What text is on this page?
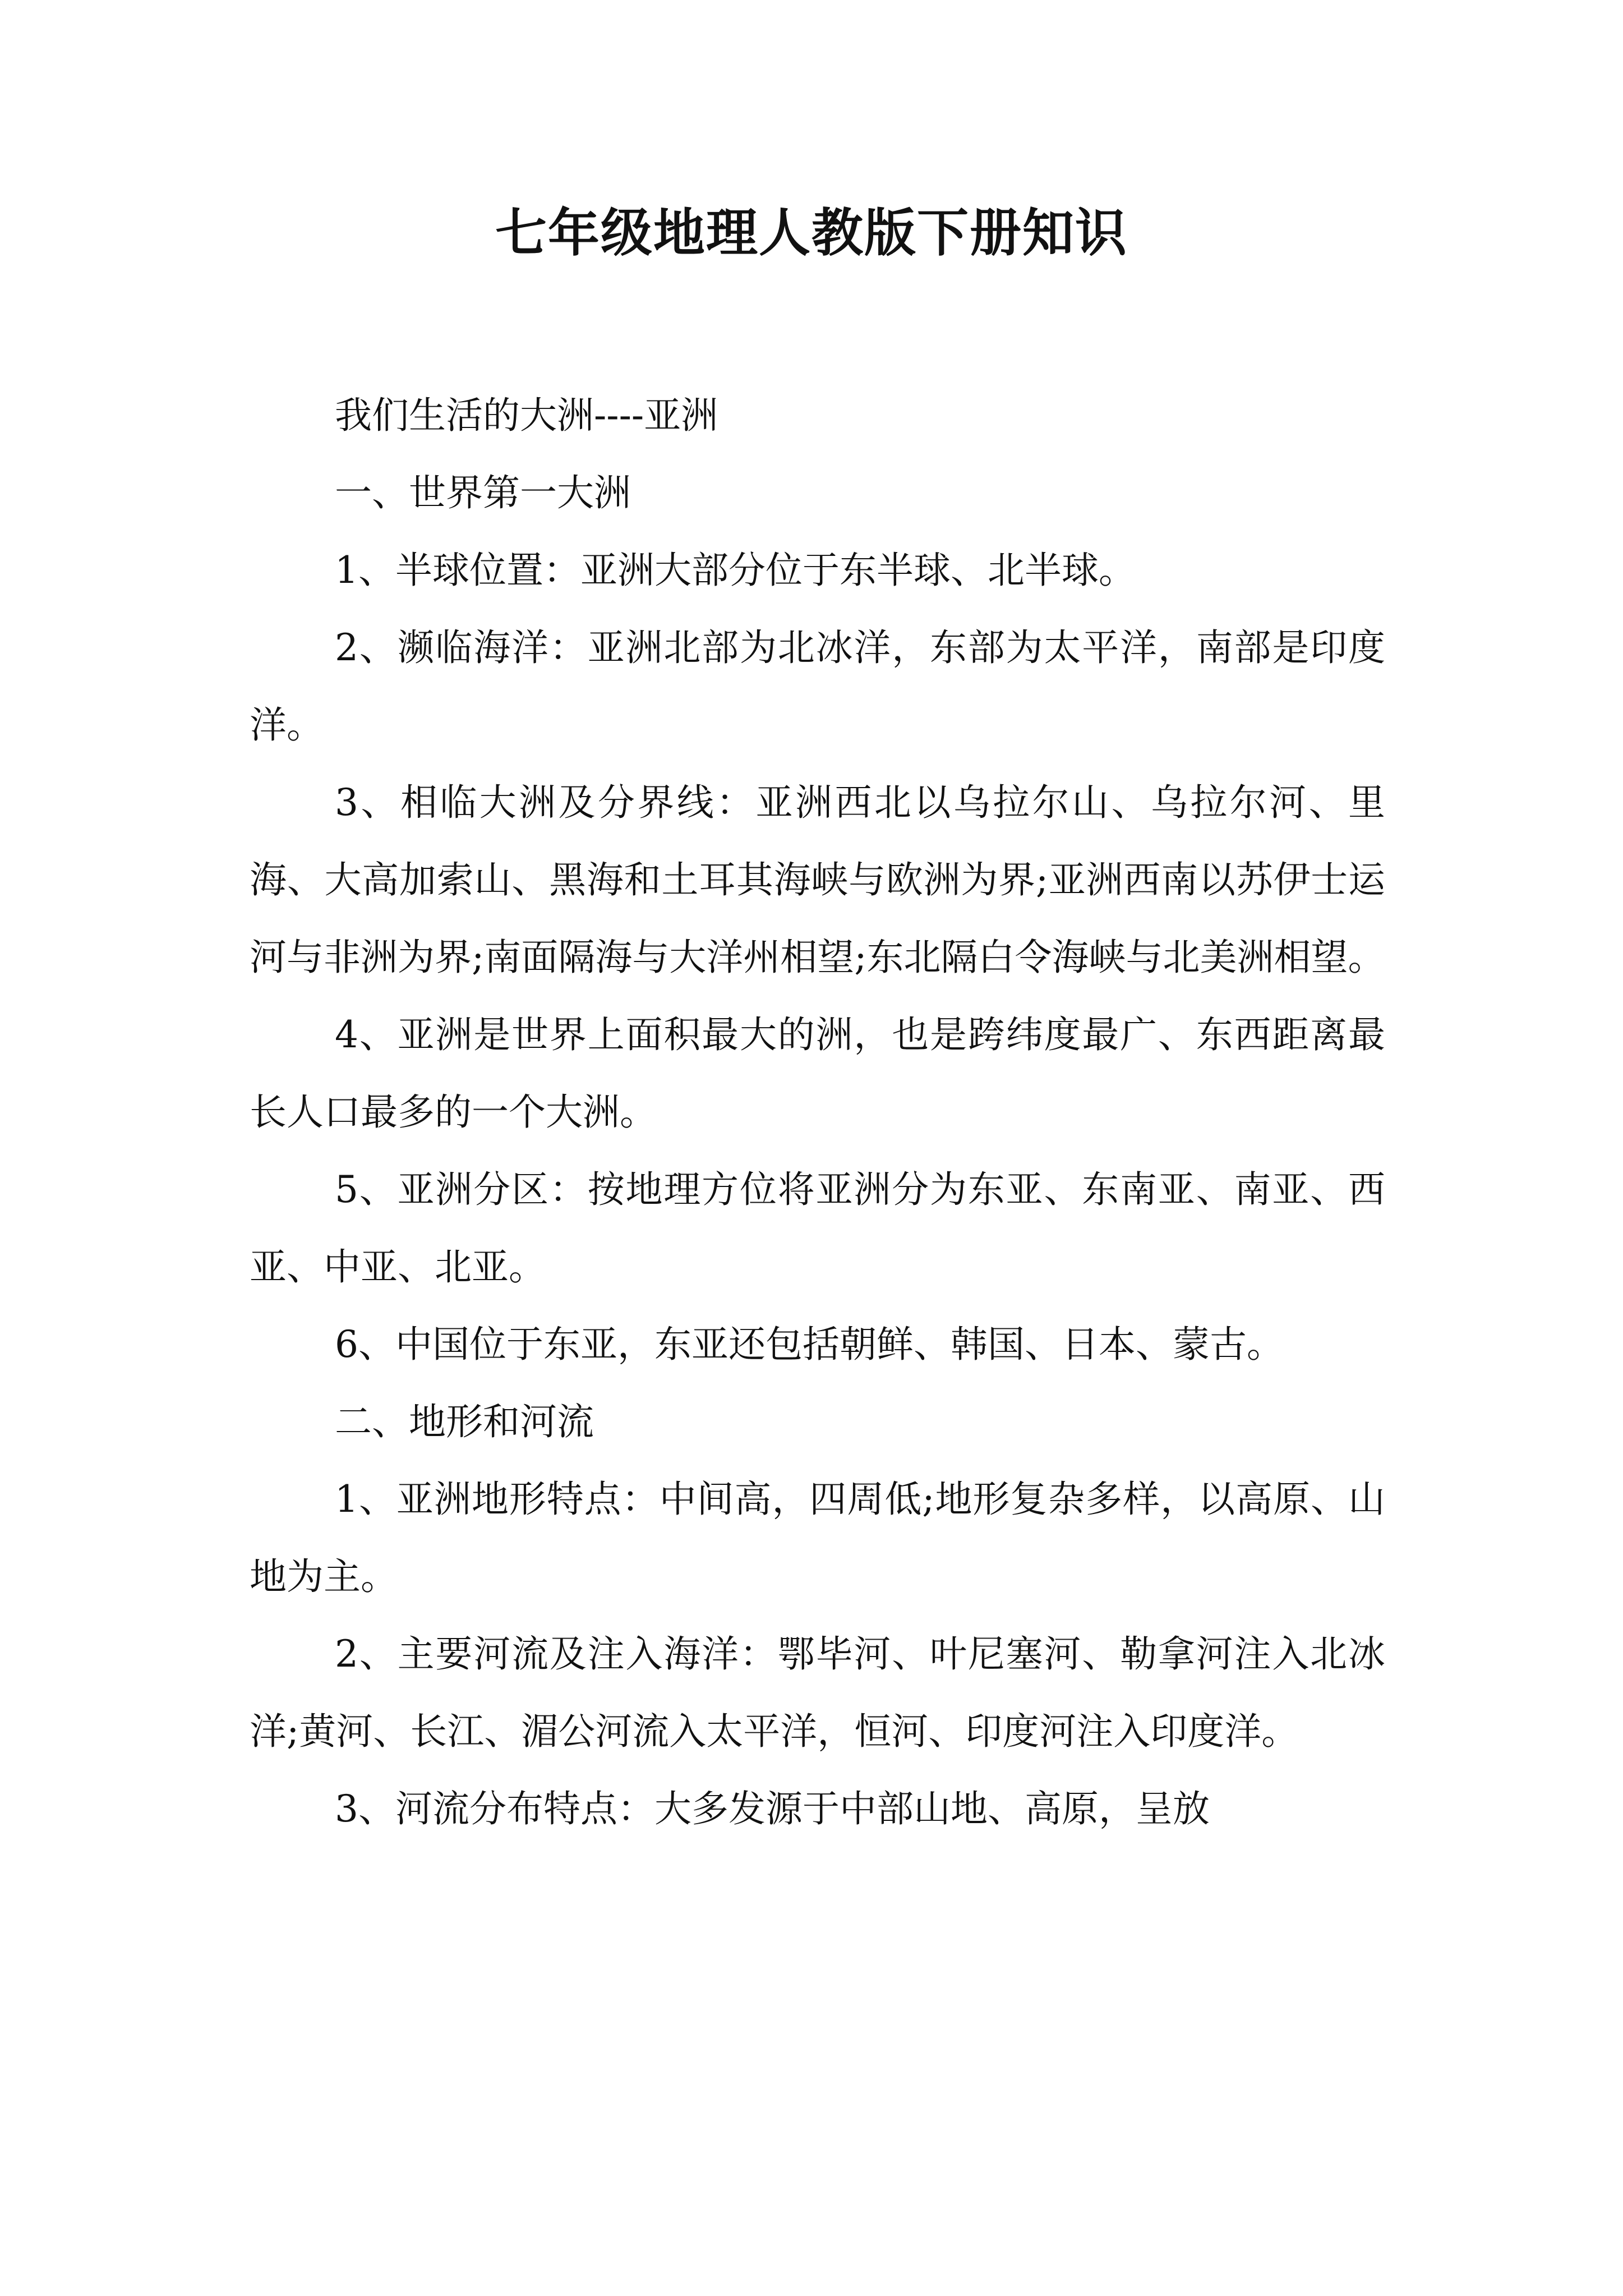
七年级地理人教版下册知识

我们生活的大洲----亚洲

一、世界第一大洲

1、半球位置：亚洲大部分位于东半球、北半球。

2、濒临海洋：亚洲北部为北冰洋，东部为太平洋，南部是印度洋。

3、相临大洲及分界线：亚洲西北以乌拉尔山、乌拉尔河、里海、大高加索山、黑海和土耳其海峡与欧洲为界;亚洲西南以苏伊士运河与非洲为界;南面隔海与大洋州相望;东北隔白令海峡与北美洲相望。

4、亚洲是世界上面积最大的洲，也是跨纬度最广、东西距离最长人口最多的一个大洲。

5、亚洲分区：按地理方位将亚洲分为东亚、东南亚、南亚、西亚、中亚、北亚。

6、中国位于东亚，东亚还包括朝鲜、韩国、日本、蒙古。

二、地形和河流

1、亚洲地形特点：中间高，四周低;地形复杂多样，以高原、山地为主。

2、主要河流及注入海洋：鄂毕河、叶尼塞河、勒拿河注入北冰洋;黄河、长江、湄公河流入太平洋，恒河、印度河注入印度洋。

3、河流分布特点：大多发源于中部山地、高原，呈放
